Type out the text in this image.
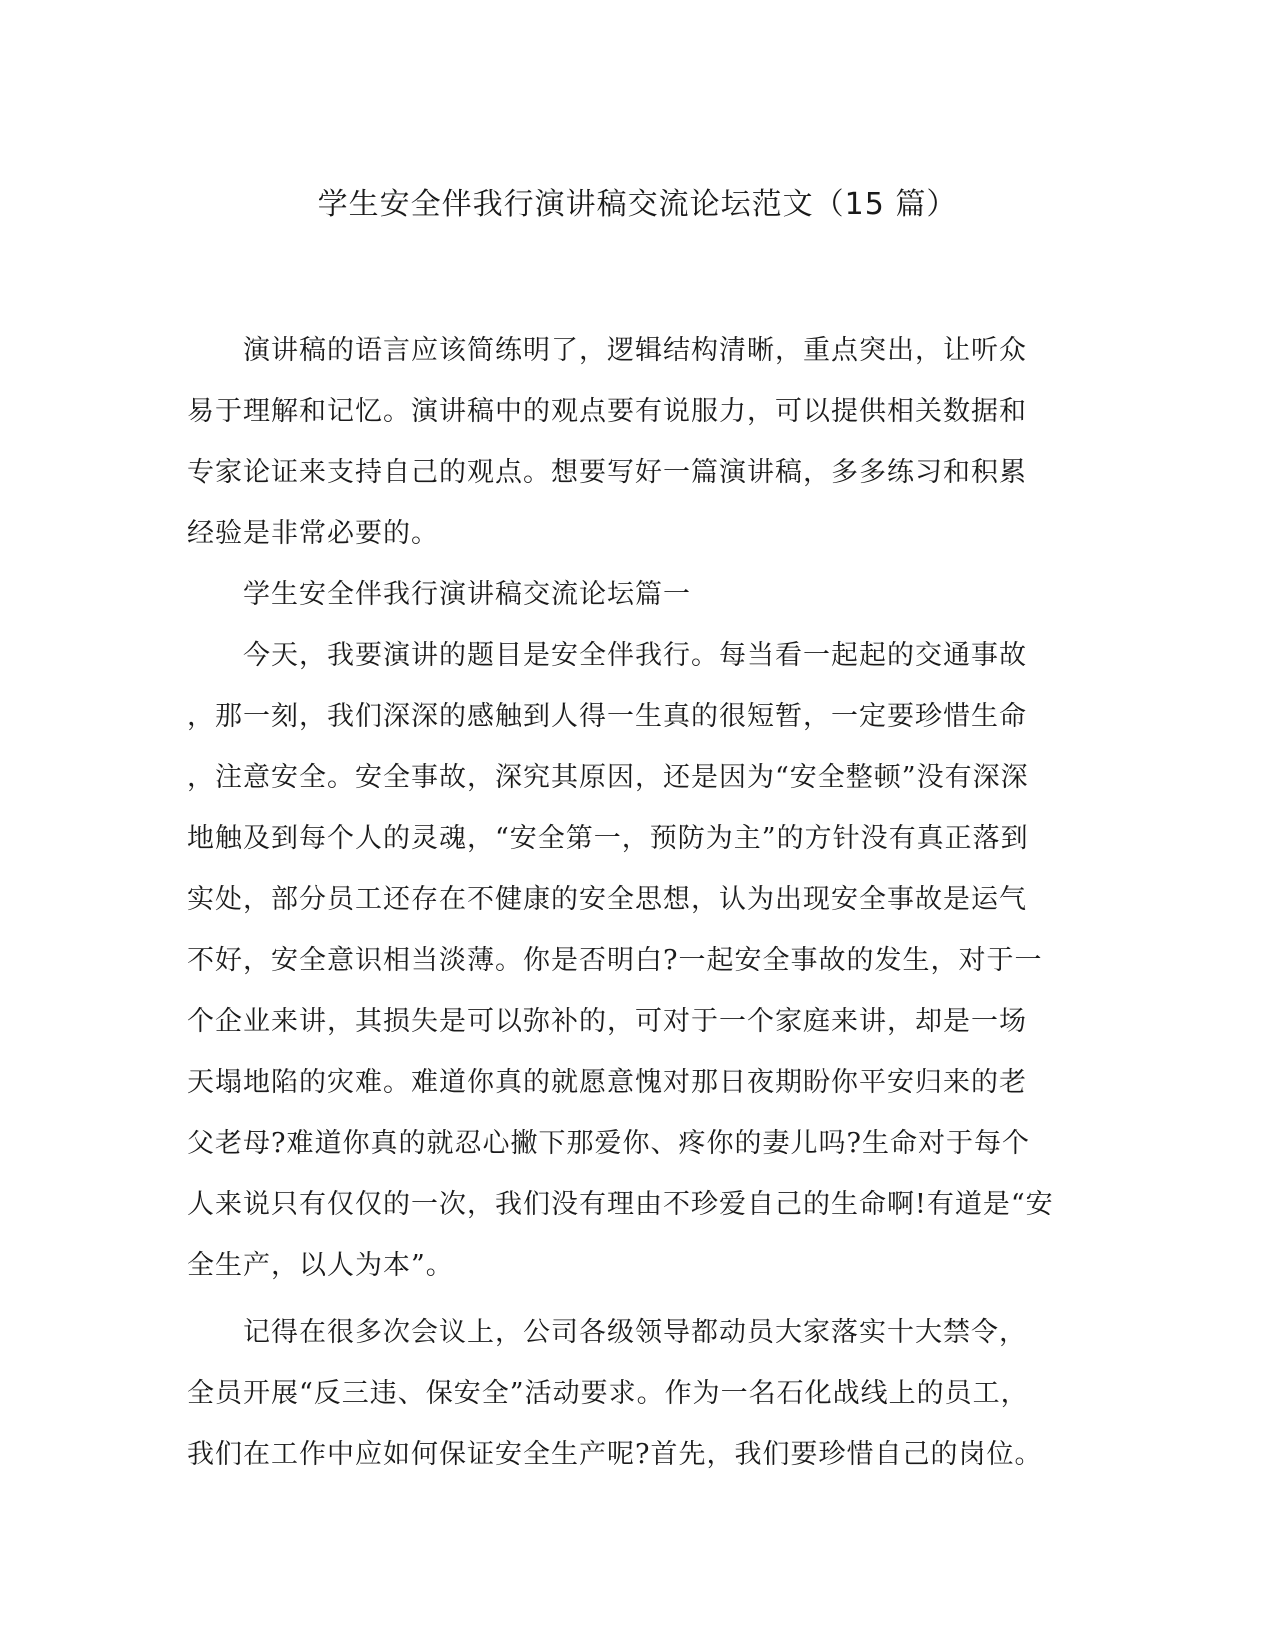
学生安全伴我行演讲稿交流论坛范文（15 篇）
　　演讲稿的语言应该简练明了，逻辑结构清晰，重点突出，让听众
易于理解和记忆。演讲稿中的观点要有说服力，可以提供相关数据和
专家论证来支持自己的观点。想要写好一篇演讲稿，多多练习和积累
经验是非常必要的。
　　学生安全伴我行演讲稿交流论坛篇一
　　今天，我要演讲的题目是安全伴我行。每当看一起起的交通事故
，那一刻，我们深深的感触到人得一生真的很短暂，一定要珍惜生命
，注意安全。安全事故，深究其原因，还是因为“安全整顿”没有深深
地触及到每个人的灵魂，“安全第一，预防为主”的方针没有真正落到
实处，部分员工还存在不健康的安全思想，认为出现安全事故是运气
不好，安全意识相当淡薄。你是否明白?一起安全事故的发生，对于一
个企业来讲，其损失是可以弥补的，可对于一个家庭来讲，却是一场
天塌地陷的灾难。难道你真的就愿意愧对那日夜期盼你平安归来的老
父老母?难道你真的就忍心撇下那爱你、疼你的妻儿吗?生命对于每个
人来说只有仅仅的一次，我们没有理由不珍爱自己的生命啊!有道是“安
全生产，以人为本”。
　　记得在很多次会议上，公司各级领导都动员大家落实十大禁令，
全员开展“反三违、保安全”活动要求。作为一名石化战线上的员工，
我们在工作中应如何保证安全生产呢?首先，我们要珍惜自己的岗位。
